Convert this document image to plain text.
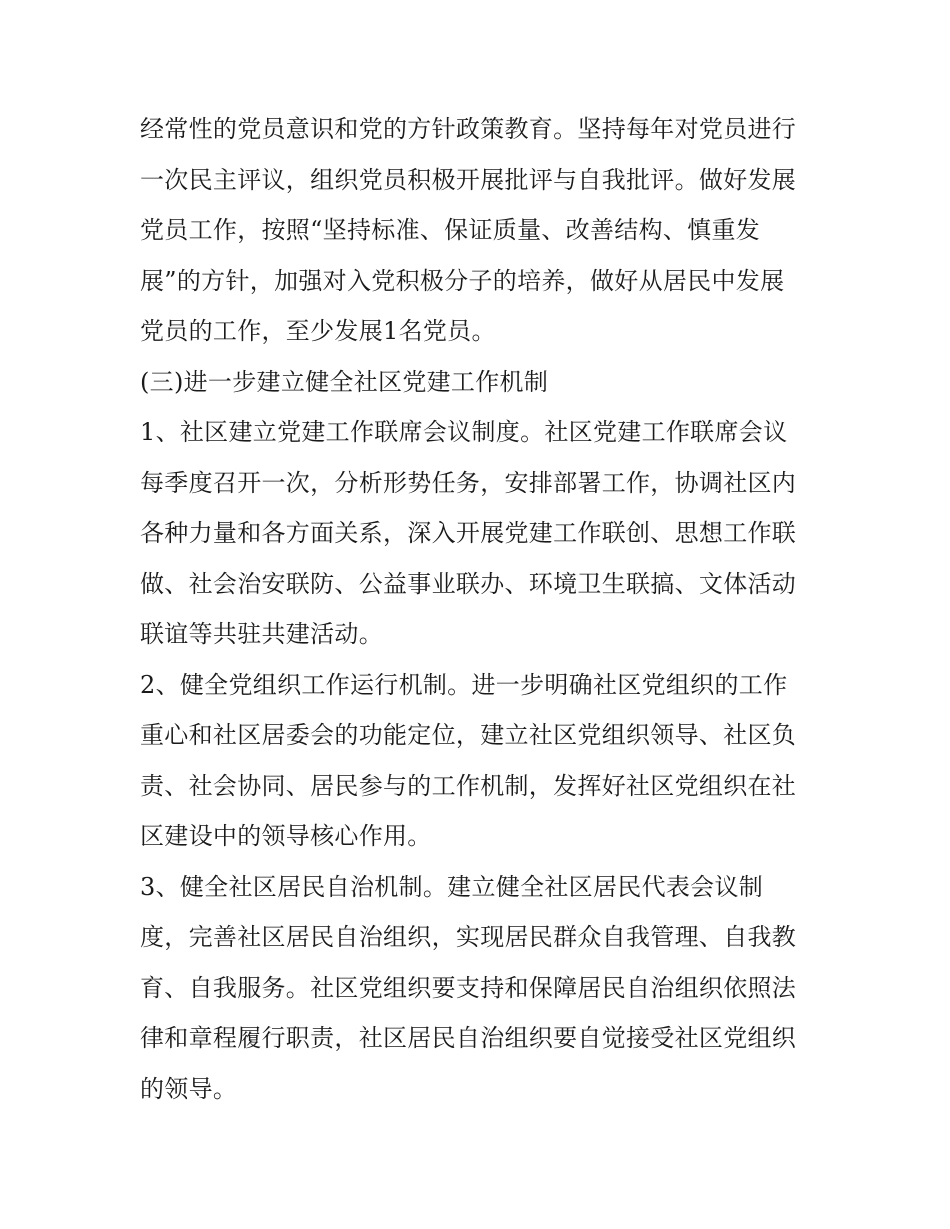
经常性的党员意识和党的方针政策教育。坚持每年对党员进行
一次民主评议，组织党员积极开展批评与自我批评。做好发展
党员工作，按照“坚持标准、保证质量、改善结构、慎重发
展”的方针，加强对入党积极分子的培养，做好从居民中发展
党员的工作，至少发展1名党员。
(三)进一步建立健全社区党建工作机制
1、社区建立党建工作联席会议制度。社区党建工作联席会议
每季度召开一次，分析形势任务，安排部署工作，协调社区内
各种力量和各方面关系，深入开展党建工作联创、思想工作联
做、社会治安联防、公益事业联办、环境卫生联搞、文体活动
联谊等共驻共建活动。
2、健全党组织工作运行机制。进一步明确社区党组织的工作
重心和社区居委会的功能定位，建立社区党组织领导、社区负
责、社会协同、居民参与的工作机制，发挥好社区党组织在社
区建设中的领导核心作用。
3、健全社区居民自治机制。建立健全社区居民代表会议制
度，完善社区居民自治组织，实现居民群众自我管理、自我教
育、自我服务。社区党组织要支持和保障居民自治组织依照法
律和章程履行职责，社区居民自治组织要自觉接受社区党组织
的领导。
